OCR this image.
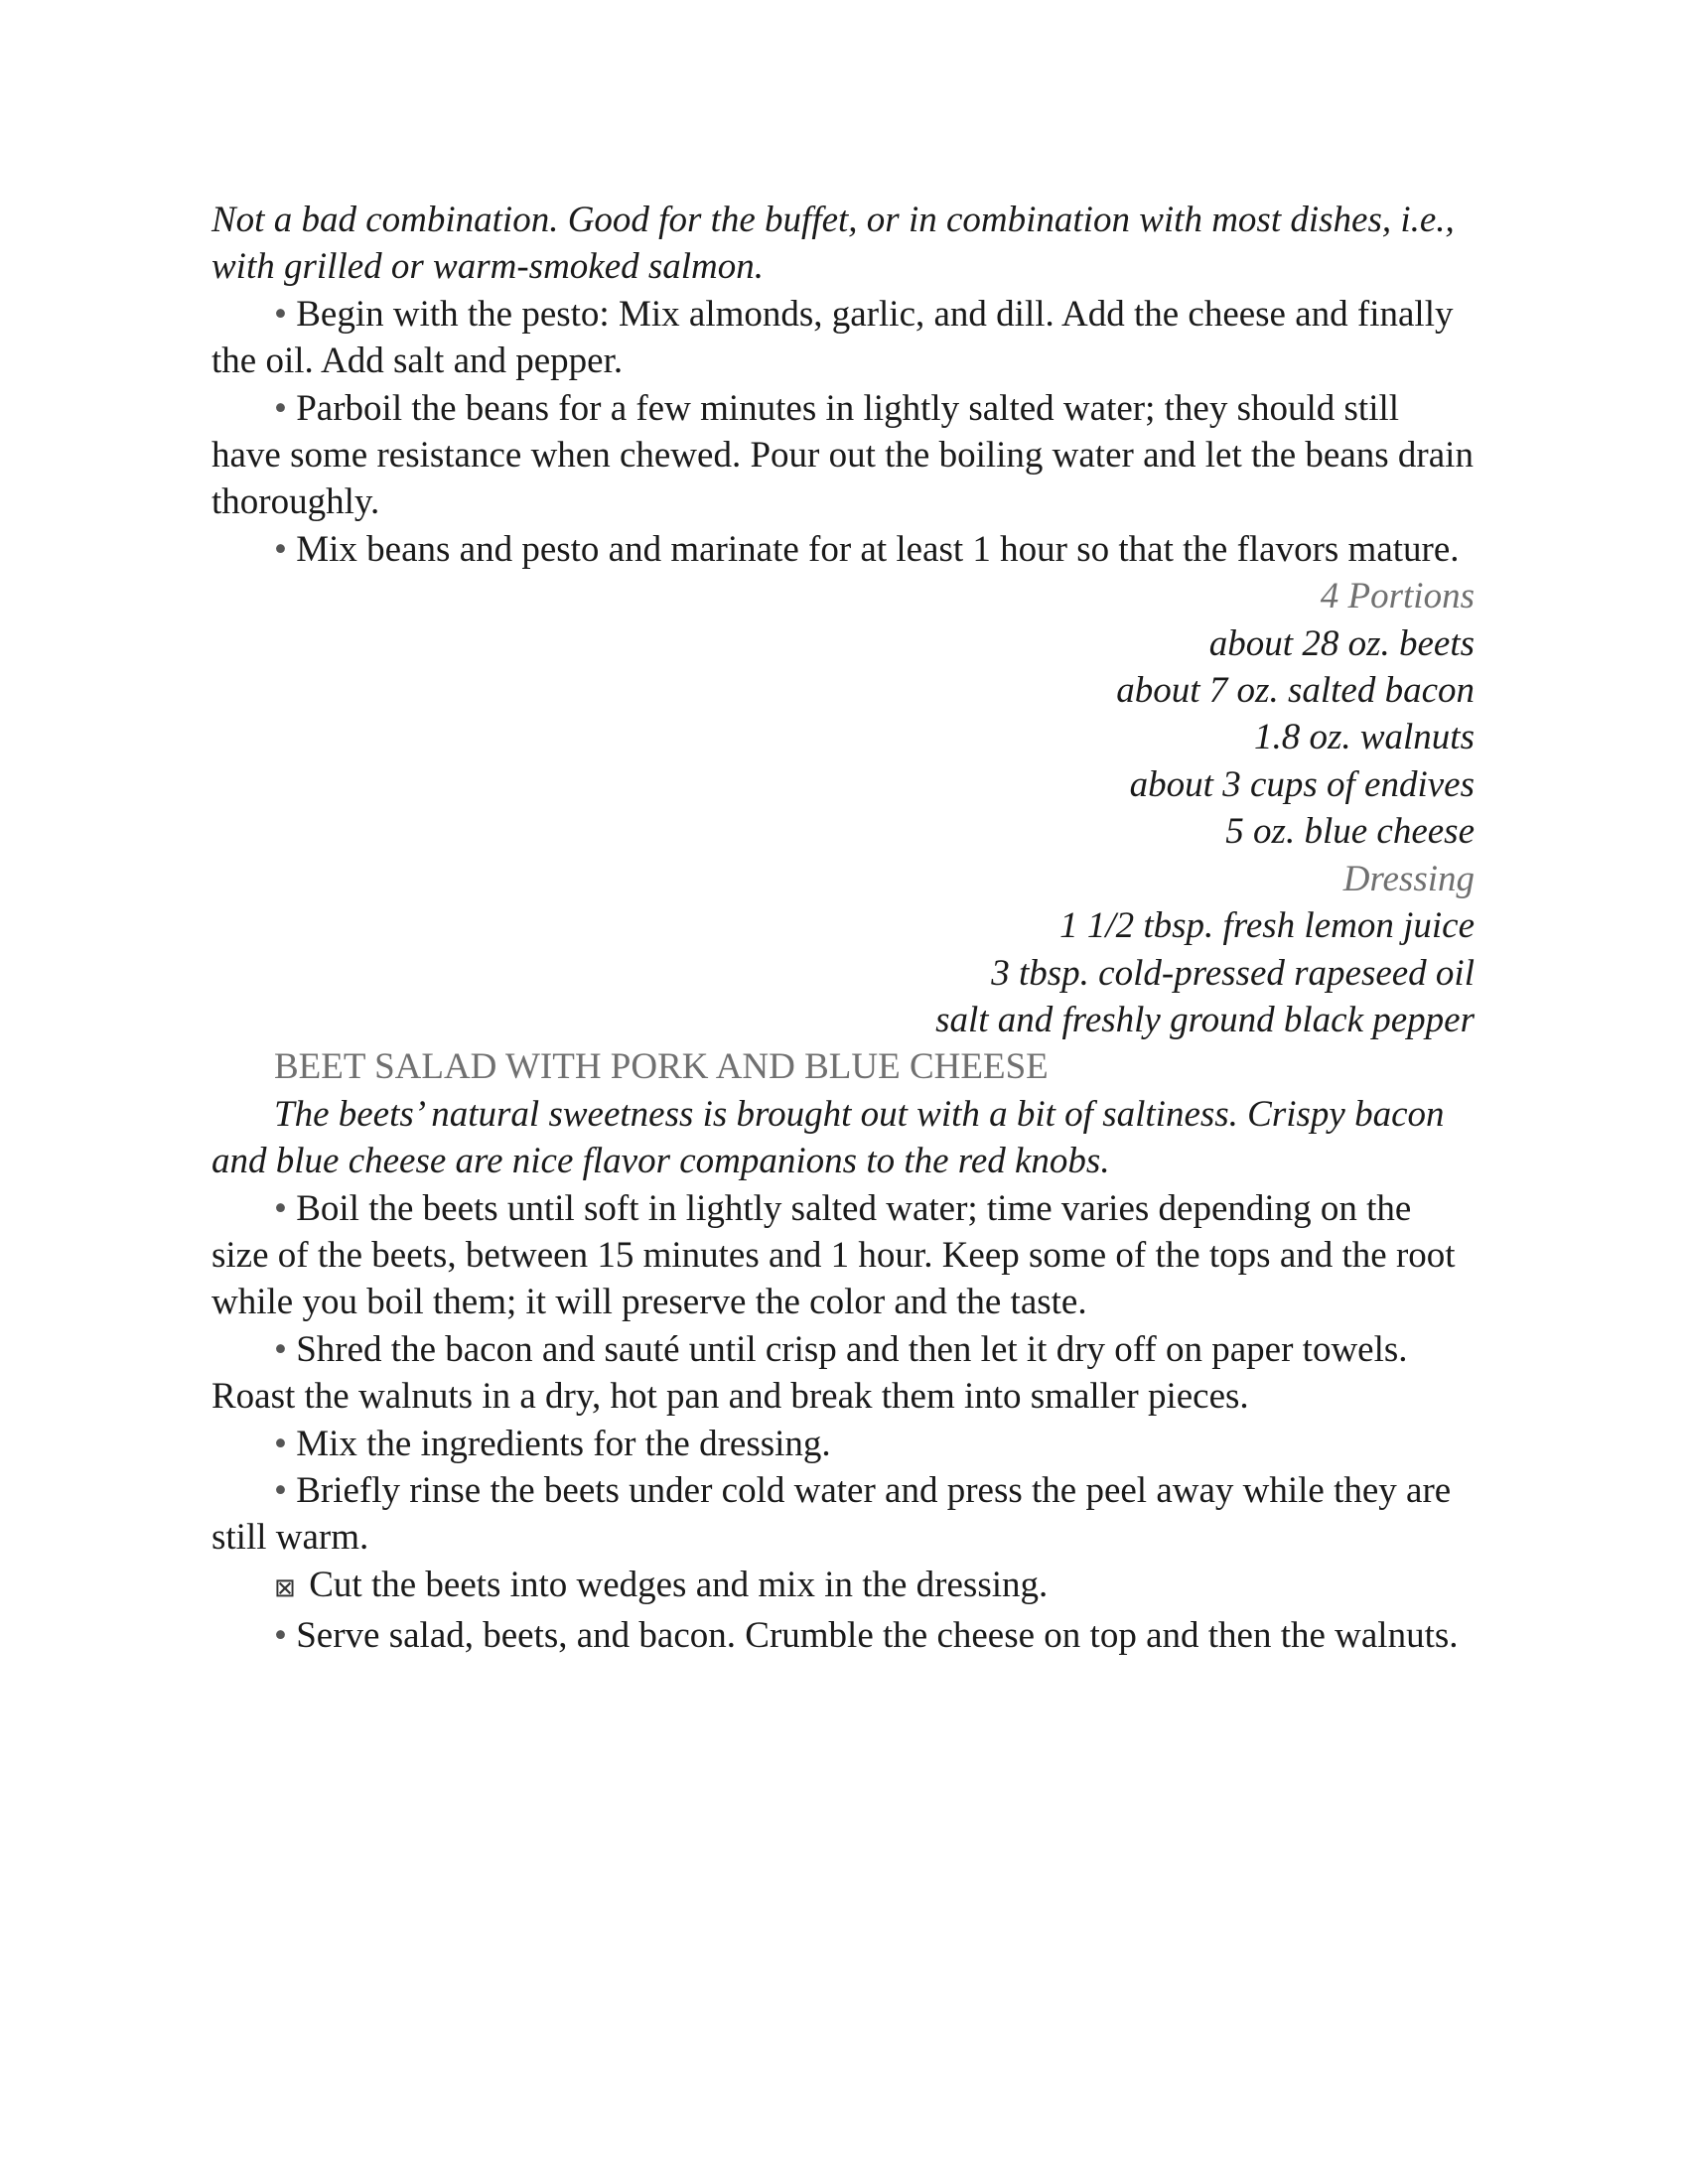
Not a bad combination. Good for the buffet, or in combination with most dishes, i.e., with grilled or warm-smoked salmon.

• Begin with the pesto: Mix almonds, garlic, and dill. Add the cheese and finally the oil. Add salt and pepper.

• Parboil the beans for a few minutes in lightly salted water; they should still have some resistance when chewed. Pour out the boiling water and let the beans drain thoroughly.

• Mix beans and pesto and marinate for at least 1 hour so that the flavors mature.

4 Portions

about 28 oz. beets

about 7 oz. salted bacon

1.8 oz. walnuts

about 3 cups of endives

5 oz. blue cheese

Dressing

1 1/2 tbsp. fresh lemon juice

3 tbsp. cold-pressed rapeseed oil

salt and freshly ground black pepper

BEET SALAD WITH PORK AND BLUE CHEESE

The beets’ natural sweetness is brought out with a bit of saltiness. Crispy bacon and blue cheese are nice flavor companions to the red knobs.

• Boil the beets until soft in lightly salted water; time varies depending on the size of the beets, between 15 minutes and 1 hour. Keep some of the tops and the root while you boil them; it will preserve the color and the taste.

• Shred the bacon and sauté until crisp and then let it dry off on paper towels. Roast the walnuts in a dry, hot pan and break them into smaller pieces.

• Mix the ingredients for the dressing.

• Briefly rinse the beets under cold water and press the peel away while they are still warm.

⊠ Cut the beets into wedges and mix in the dressing.

• Serve salad, beets, and bacon. Crumble the cheese on top and then the walnuts.
